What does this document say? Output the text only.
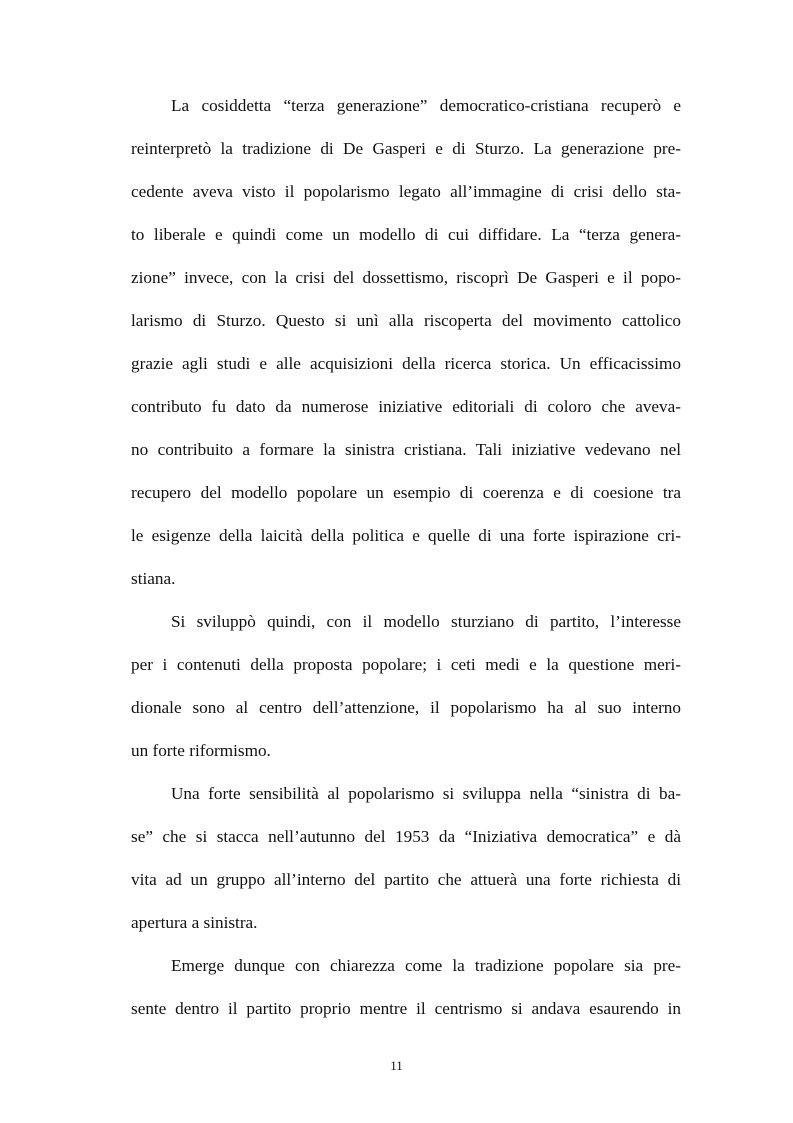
La cosiddetta “terza generazione” democratico-cristiana recuperò e
reinterpretò la tradizione di De Gasperi e di Sturzo. La generazione pre-
cedente aveva visto il popolarismo legato all’immagine di crisi dello sta-
to liberale e quindi come un modello di cui diffidare. La “terza genera-
zione” invece, con la crisi del dossettismo, riscoprì De Gasperi e il popo-
larismo di Sturzo. Questo si unì alla riscoperta del movimento cattolico
grazie agli studi e alle acquisizioni della ricerca storica. Un efficacissimo
contributo fu dato da numerose iniziative editoriali di coloro che aveva-
no contribuito a formare la sinistra cristiana. Tali iniziative vedevano nel
recupero del modello popolare un esempio di coerenza e di coesione tra
le esigenze della laicità della politica e quelle di una forte ispirazione cri-
stiana.
Si sviluppò quindi, con il modello sturziano di partito, l’interesse
per i contenuti della proposta popolare; i ceti medi e la questione meri-
dionale sono al centro dell’attenzione, il popolarismo ha al suo interno
un forte riformismo.
Una forte sensibilità al popolarismo si sviluppa nella “sinistra di ba-
se” che si stacca nell’autunno del 1953 da “Iniziativa democratica” e dà
vita ad un gruppo all’interno del partito che attuerà una forte richiesta di
apertura a sinistra.
Emerge dunque con chiarezza come la tradizione popolare sia pre-
sente dentro il partito proprio mentre il centrismo si andava esaurendo in
11
